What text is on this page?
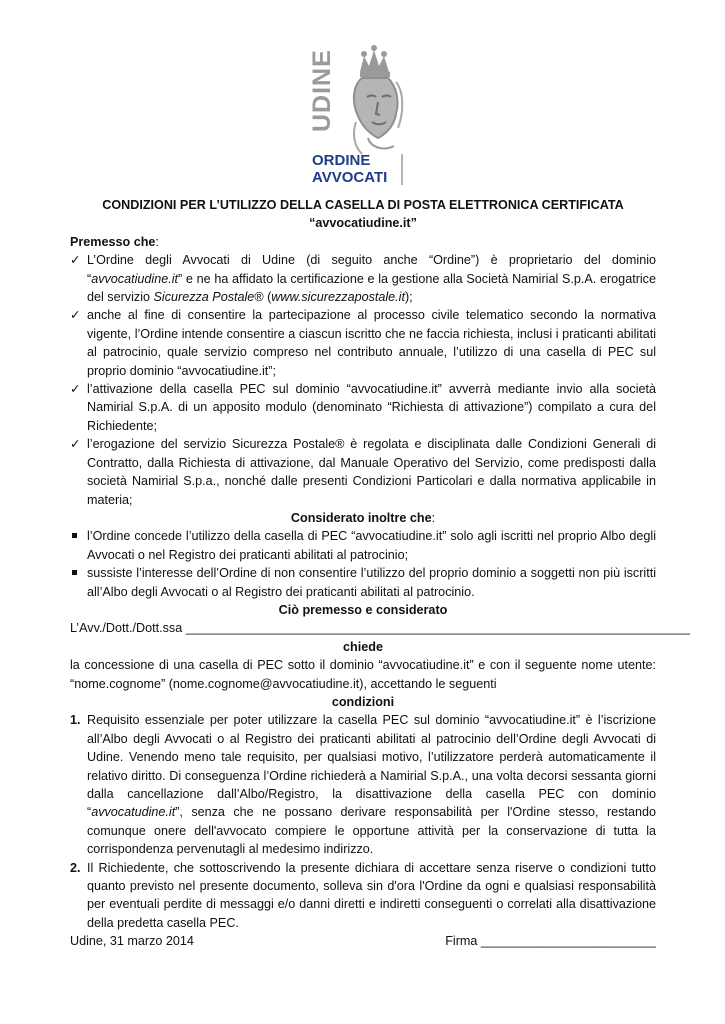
UDINE
ORDINE
AVVOCATI
CONDIZIONI PER L’UTILIZZO DELLA CASELLA DI POSTA ELETTRONICA CERTIFICATA “avvocatiudine.it”
Premesso che:
✓ L’Ordine degli Avvocati di Udine (di seguito anche “Ordine”) è proprietario del dominio “avvocatiudine.it” e ne ha affidato la certificazione e la gestione alla Società Namirial S.p.A. erogatrice del servizio Sicurezza Postale® (www.sicurezzapostale.it);
✓ anche al fine di consentire la partecipazione al processo civile telematico secondo la normativa vigente, l’Ordine intende consentire a ciascun iscritto che ne faccia richiesta, inclusi i praticanti abilitati al patrocinio, quale servizio compreso nel contributo annuale, l’utilizzo di una casella di PEC sul proprio dominio “avvocatiudine.it”;
✓ l’attivazione della casella PEC sul dominio “avvocatiudine.it” avverrà mediante invio alla società Namirial S.p.A. di un apposito modulo (denominato “Richiesta di attivazione”) compilato a cura del Richiedente;
✓ l’erogazione del servizio Sicurezza Postale® è regolata e disciplinata dalle Condizioni Generali di Contratto, dalla Richiesta di attivazione, dal Manuale Operativo del Servizio, come predisposti dalla società Namirial S.p.a., nonché dalle presenti Condizioni Particolari e dalla normativa applicabile in materia;
Considerato inoltre che:
l’Ordine concede l’utilizzo della casella di PEC “avvocatiudine.it” solo agli iscritti nel proprio Albo degli Avvocati o nel Registro dei praticanti abilitati al patrocinio;
sussiste l’interesse dell’Ordine di non consentire l’utilizzo del proprio dominio a soggetti non più iscritti all’Albo degli Avvocati o al Registro dei praticanti abilitati al patrocinio.
Ciò premesso e considerato
L’Avv./Dott./Dott.ssa ________________________________________________________________________
chiede
la concessione di una casella di PEC sotto il dominio “avvocatiudine.it” e con il seguente nome utente: “nome.cognome” (nome.cognome@avvocatiudine.it), accettando le seguenti
condizioni
1. Requisito essenziale per poter utilizzare la casella PEC sul dominio “avvocatiudine.it” è l’iscrizione all’Albo degli Avvocati o al Registro dei praticanti abilitati al patrocinio dell’Ordine degli Avvocati di Udine. Venendo meno tale requisito, per qualsiasi motivo, l’utilizzatore perderà automaticamente il relativo diritto. Di conseguenza l’Ordine richiederà a Namirial S.p.A., una volta decorsi sessanta giorni dalla cancellazione dall’Albo/Registro, la disattivazione della casella PEC con dominio “avvocatudine.it”, senza che ne possano derivare responsabilità per l'Ordine stesso, restando comunque onere dell'avvocato compiere le opportune attività per la conservazione di tutta la corrispondenza pervenutagli al medesimo indirizzo.
2. Il Richiedente, che sottoscrivendo la presente dichiara di accettare senza riserve o condizioni tutto quanto previsto nel presente documento, solleva sin d'ora l'Ordine da ogni e qualsiasi responsabilità per eventuali perdite di messaggi e/o danni diretti e indiretti conseguenti o correlati alla disattivazione della predetta casella PEC.
Udine, 31 marzo 2014	Firma _________________________
